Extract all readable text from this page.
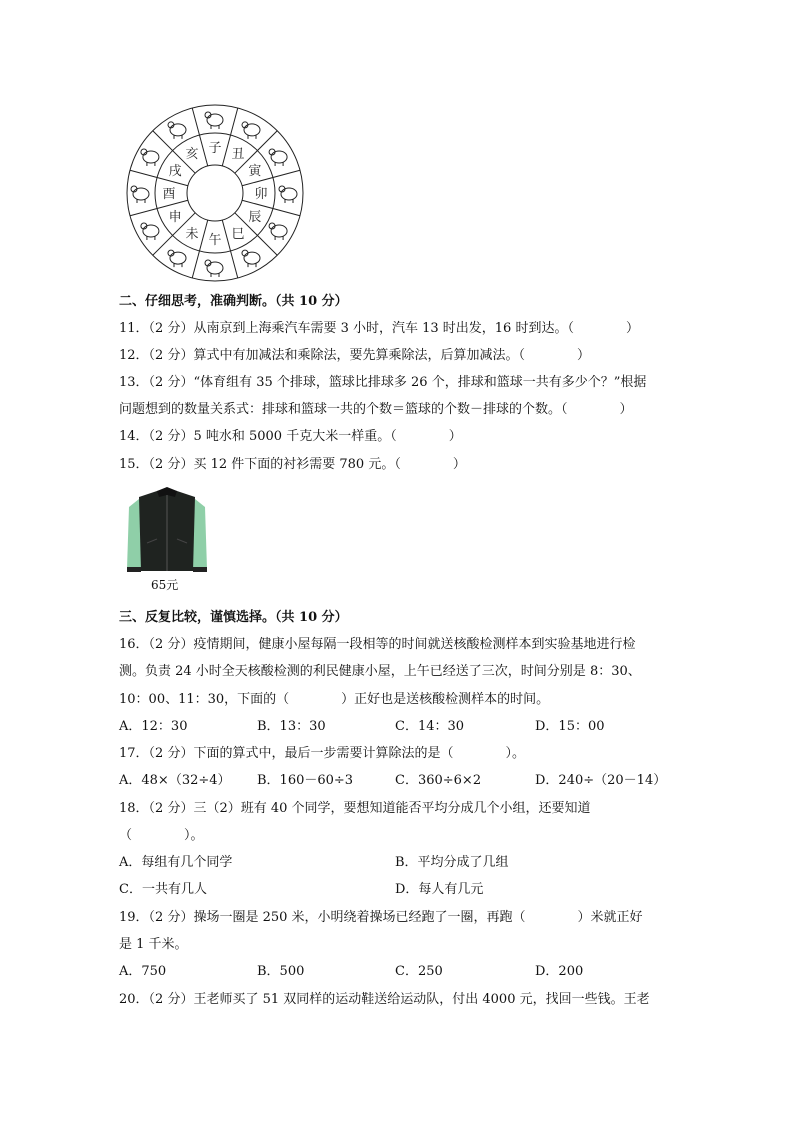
子 丑
寅
卯
辰
巳
午
未
申
酉
戌
亥
二、仔细思考，准确判断。（共 10 分）
11．（2 分）从南京到上海乘汽车需要 3 小时，汽车 13 时出发，16 时到达。（　　　　）
12．（2 分）算式中有加减法和乘除法，要先算乘除法，后算加减法。（　　　　）
13．（2 分）“体育组有 35 个排球，篮球比排球多 26 个，排球和篮球一共有多少个？”根据
问题想到的数量关系式：排球和篮球一共的个数＝篮球的个数－排球的个数。（　　　　）
14．（2 分）5 吨水和 5000 千克大米一样重。（　　　　）
15．（2 分）买 12 件下面的衬衫需要 780 元。（　　　　）
65元
三、反复比较，谨慎选择。（共 10 分）
16．（2 分）疫情期间，健康小屋每隔一段相等的时间就送核酸检测样本到实验基地进行检
测。负责 24 小时全天核酸检测的利民健康小屋，上午已经送了三次，时间分别是 8：30、
10：00、11：30，下面的（　　　　）正好也是送核酸检测样本的时间。
A．12：30	B．13：30	C．14：30	D．15：00
17．（2 分）下面的算式中，最后一步需要计算除法的是（　　　　）。
A．48×（32÷4） B．160－60÷3	C．360÷6×2	D．240÷（20－14）
18．（2 分）三（2）班有 40 个同学，要想知道能否平均分成几个小组，还要知道
（　　　　）。
A．每组有几个同学	B．平均分成了几组
C．一共有几人	D．每人有几元
19．（2 分）操场一圈是 250 米，小明绕着操场已经跑了一圈，再跑（　　　　）米就正好
是 1 千米。
A．750	B．500	C．250	D．200
20．（2 分）王老师买了 51 双同样的运动鞋送给运动队，付出 4000 元，找回一些钱。王老
